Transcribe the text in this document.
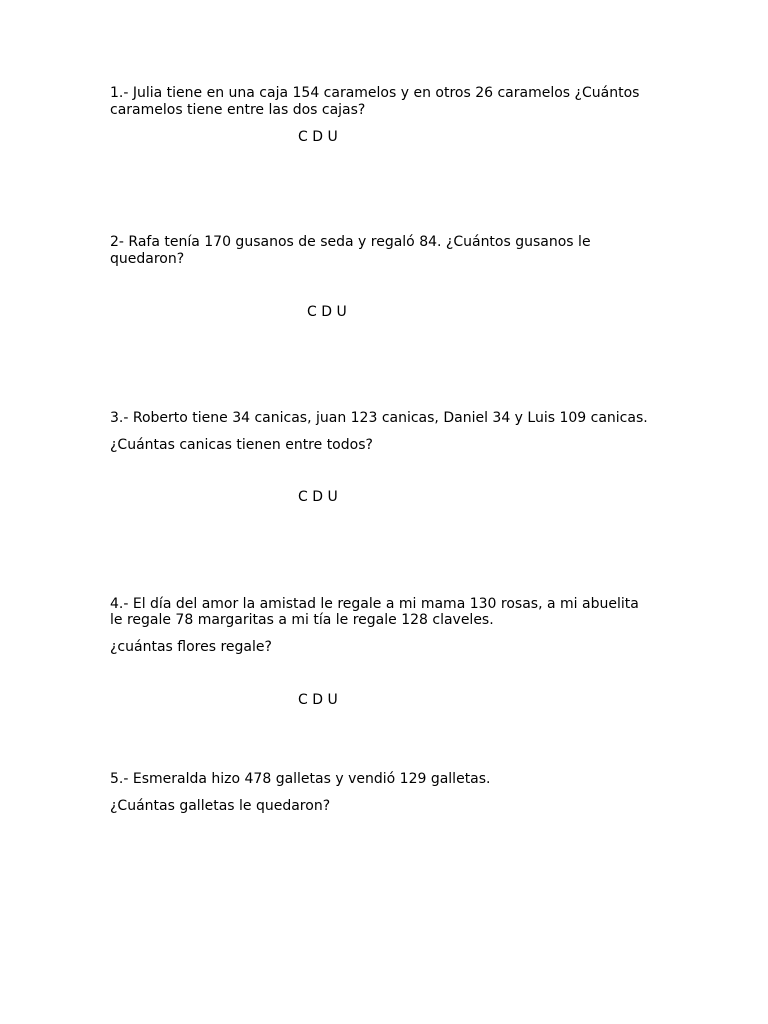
1.- Julia tiene en una caja 154 caramelos y en otros 26 caramelos ¿Cuántos
caramelos tiene entre las dos cajas?
C D U
2- Rafa tenía 170 gusanos de seda y regaló 84. ¿Cuántos gusanos le
quedaron?
C D U
3.- Roberto tiene 34 canicas, juan 123 canicas, Daniel 34 y Luis 109 canicas.
¿Cuántas canicas tienen entre todos?
C D U
4.- El día del amor la amistad le regale a mi mama 130 rosas, a mi abuelita
le regale 78 margaritas a mi tía le regale 128 claveles.
¿cuántas flores regale?
C D U
5.- Esmeralda hizo 478 galletas y vendió 129 galletas.
¿Cuántas galletas le quedaron?
